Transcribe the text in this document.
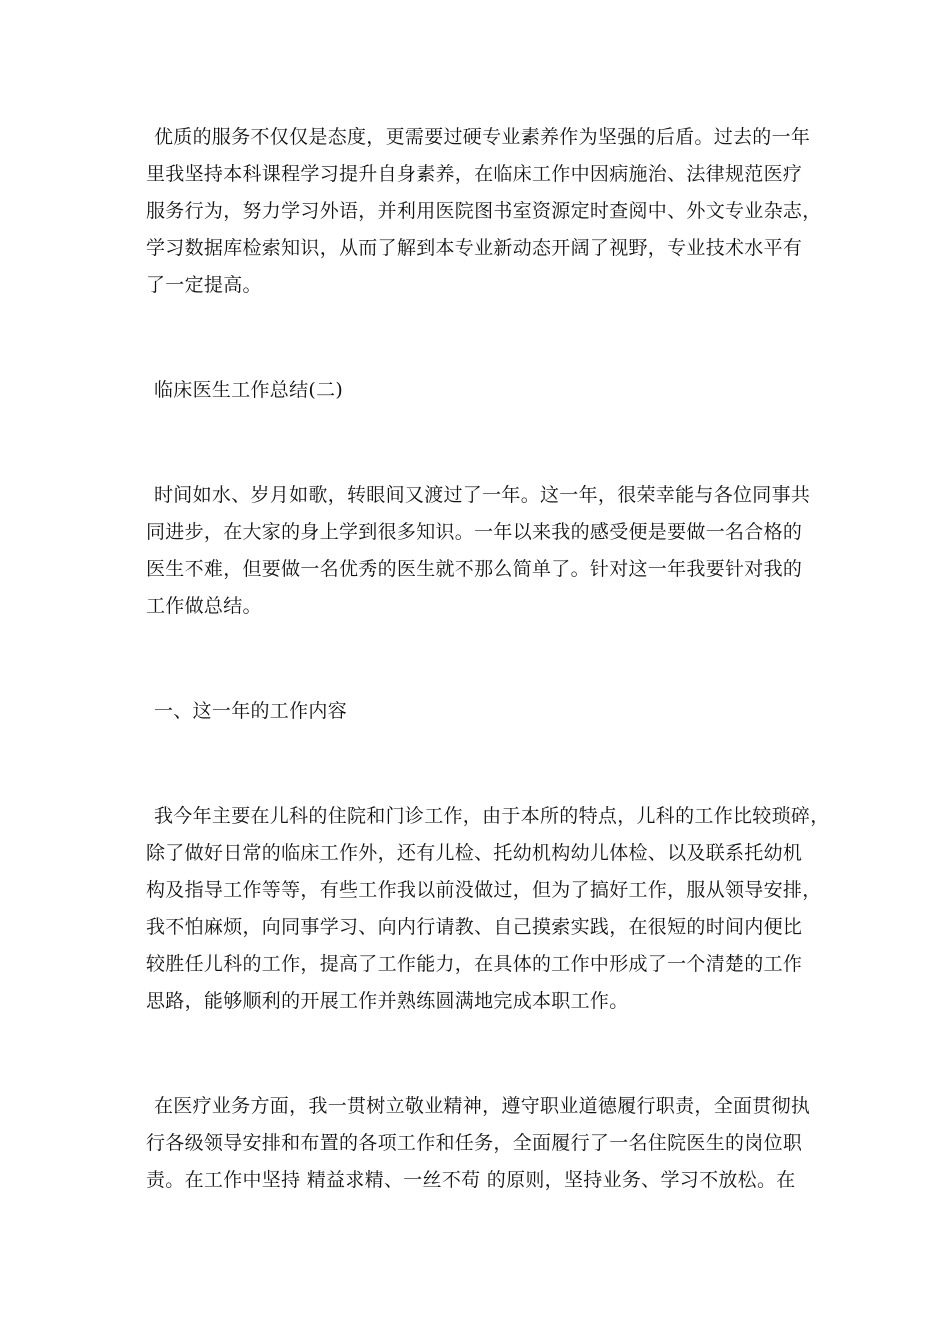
优质的服务不仅仅是态度，更需要过硬专业素养作为坚强的后盾。过去的一年
里我坚持本科课程学习提升自身素养，在临床工作中因病施治、法律规范医疗
服务行为，努力学习外语，并利用医院图书室资源定时查阅中、外文专业杂志，
学习数据库检索知识，从而了解到本专业新动态开阔了视野，专业技术水平有
了一定提高。
临床医生工作总结(二)
时间如水、岁月如歌，转眼间又渡过了一年。这一年，很荣幸能与各位同事共
同进步，在大家的身上学到很多知识。一年以来我的感受便是要做一名合格的
医生不难，但要做一名优秀的医生就不那么简单了。针对这一年我要针对我的
工作做总结。
一、这一年的工作内容
我今年主要在儿科的住院和门诊工作，由于本所的特点，儿科的工作比较琐碎，
除了做好日常的临床工作外，还有儿检、托幼机构幼儿体检、以及联系托幼机
构及指导工作等等，有些工作我以前没做过，但为了搞好工作，服从领导安排，
我不怕麻烦，向同事学习、向内行请教、自己摸索实践，在很短的时间内便比
较胜任儿科的工作，提高了工作能力，在具体的工作中形成了一个清楚的工作
思路，能够顺利的开展工作并熟练圆满地完成本职工作。
在医疗业务方面，我一贯树立敬业精神，遵守职业道德履行职责，全面贯彻执
行各级领导安排和布置的各项工作和任务，全面履行了一名住院医生的岗位职
责。在工作中坚持 精益求精、一丝不苟 的原则，坚持业务、学习不放松。在
